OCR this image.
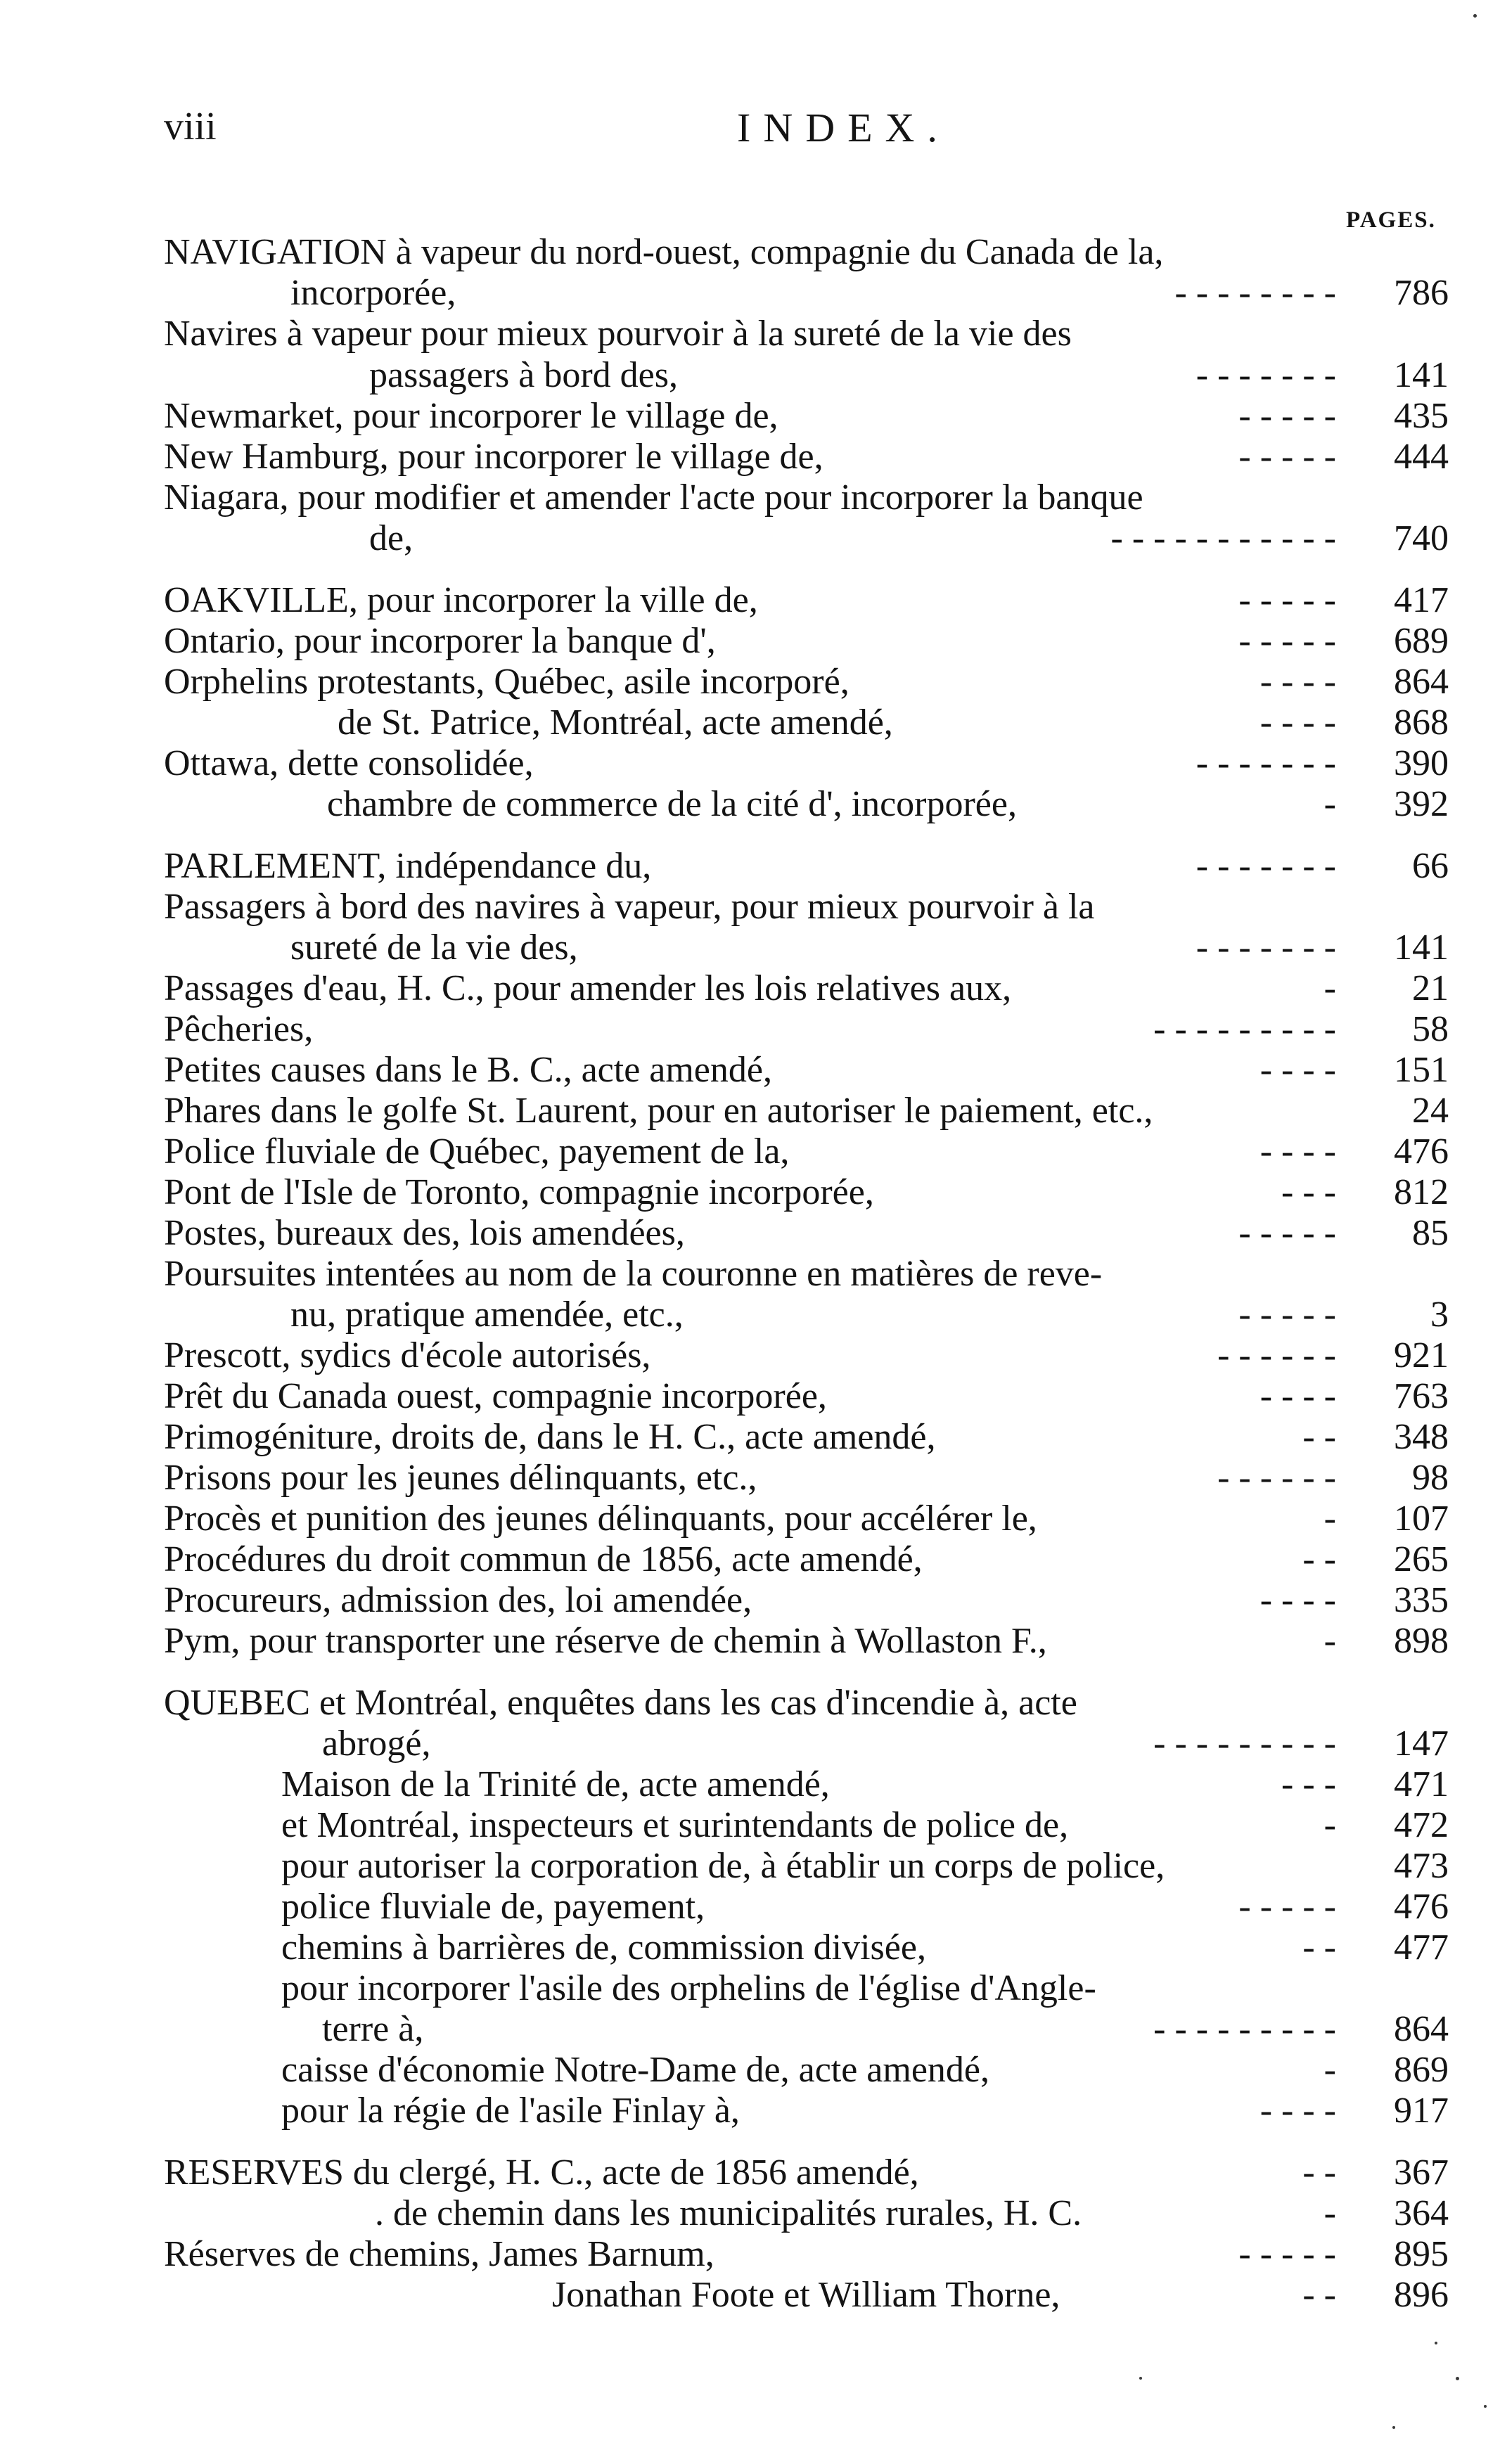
viii	INDEX.
PAGES.
NAVIGATION à vapeur du nord-ouest, compagnie du Canada de la,
incorporée,	- - - - - - - -	786
Navires à vapeur pour mieux pourvoir à la sureté de la vie des
passagers à bord des,	- - - - - - -	141
Newmarket, pour incorporer le village de,	- - - - -	435
New Hamburg, pour incorporer le village de,	- - - - -	444
Niagara, pour modifier et amender l'acte pour incorporer la banque
de,	- - - - - - - - - - -	740
OAKVILLE, pour incorporer la ville de,	- - - - -	417
Ontario, pour incorporer la banque d',	- - - - -	689
Orphelins protestants, Québec, asile incorporé,	- - - -	864
de St. Patrice, Montréal, acte amendé,	- - - -	868
Ottawa, dette consolidée,	- - - - - - -	390
chambre de commerce de la cité d', incorporée,	-	392
PARLEMENT, indépendance du,	- - - - - - -	66
Passagers à bord des navires à vapeur, pour mieux pourvoir à la
sureté de la vie des,	- - - - - - -	141
Passages d'eau, H. C., pour amender les lois relatives aux,	-	21
Pêcheries,	- - - - - - - - -	58
Petites causes dans le B. C., acte amendé,	- - - -	151
Phares dans le golfe St. Laurent, pour en autoriser le paiement, etc.,	24
Police fluviale de Québec, payement de la,	- - - -	476
Pont de l'Isle de Toronto, compagnie incorporée,	- - -	812
Postes, bureaux des, lois amendées,	- - - - -	85
Poursuites intentées au nom de la couronne en matières de reve-
nu, pratique amendée, etc.,	- - - - -	3
Prescott, sydics d'école autorisés,	- - - - - -	921
Prêt du Canada ouest, compagnie incorporée,	- - - -	763
Primogéniture, droits de, dans le H. C., acte amendé,	- -	348
Prisons pour les jeunes délinquants, etc.,	- - - - - -	98
Procès et punition des jeunes délinquants, pour accélérer le,	-	107
Procédures du droit commun de 1856, acte amendé,	- -	265
Procureurs, admission des, loi amendée,	- - - -	335
Pym, pour transporter une réserve de chemin à Wollaston F.,	-	898
QUEBEC et Montréal, enquêtes dans les cas d'incendie à, acte
abrogé,	- - - - - - - - -	147
Maison de la Trinité de, acte amendé,	- - -	471
et Montréal, inspecteurs et surintendants de police de,	-	472
pour autoriser la corporation de, à établir un corps de police,	473
police fluviale de, payement,	- - - - -	476
chemins à barrières de, commission divisée,	- -	477
pour incorporer l'asile des orphelins de l'église d'Angle-
terre à,	- - - - - - - - -	864
caisse d'économie Notre-Dame de, acte amendé,	-	869
pour la régie de l'asile Finlay à,	- - - -	917
RESERVES du clergé, H. C., acte de 1856 amendé,	- -	367
. de chemin dans les municipalités rurales, H. C.	-	364
Réserves de chemins, James Barnum,	- - - - -	895
Jonathan Foote et William Thorne,	- -	896
